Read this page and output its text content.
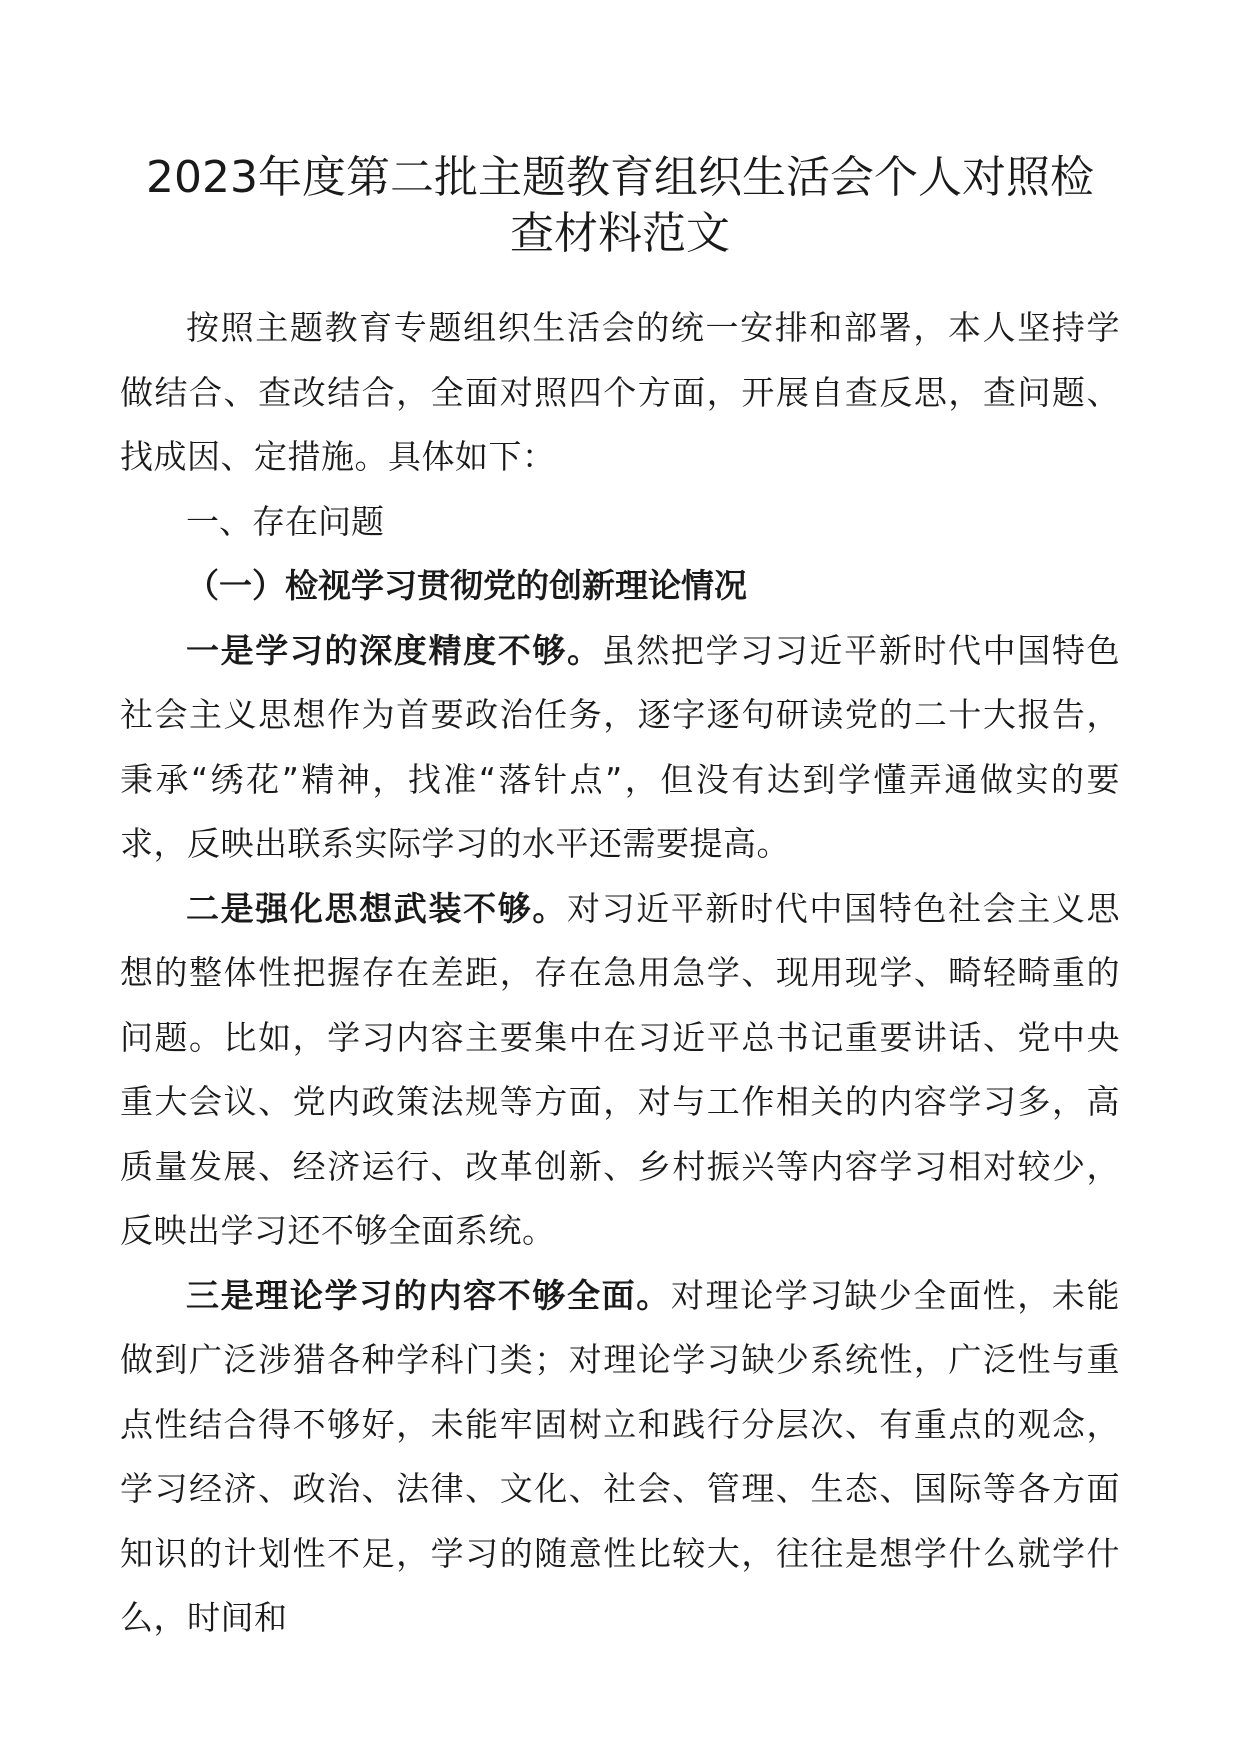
2023年度第二批主题教育组织生活会个人对照检
查材料范文

按照主题教育专题组织生活会的统一安排和部署，本人坚持学做结合、查改结合，全面对照四个方面，开展自查反思，查问题、找成因、定措施。具体如下：

一、存在问题

（一）检视学习贯彻党的创新理论情况

一是学习的深度精度不够。虽然把学习习近平新时代中国特色社会主义思想作为首要政治任务，逐字逐句研读党的二十大报告，秉承“绣花”精神，找准“落针点”，但没有达到学懂弄通做实的要求，反映出联系实际学习的水平还需要提高。

二是强化思想武装不够。对习近平新时代中国特色社会主义思想的整体性把握存在差距，存在急用急学、现用现学、畸轻畸重的问题。比如，学习内容主要集中在习近平总书记重要讲话、党中央重大会议、党内政策法规等方面，对与工作相关的内容学习多，高质量发展、经济运行、改革创新、乡村振兴等内容学习相对较少，反映出学习还不够全面系统。

三是理论学习的内容不够全面。对理论学习缺少全面性，未能做到广泛涉猎各种学科门类；对理论学习缺少系统性，广泛性与重点性结合得不够好，未能牢固树立和践行分层次、有重点的观念，学习经济、政治、法律、文化、社会、管理、生态、国际等各方面知识的计划性不足，学习的随意性比较大，往往是想学什么就学什么，时间和
